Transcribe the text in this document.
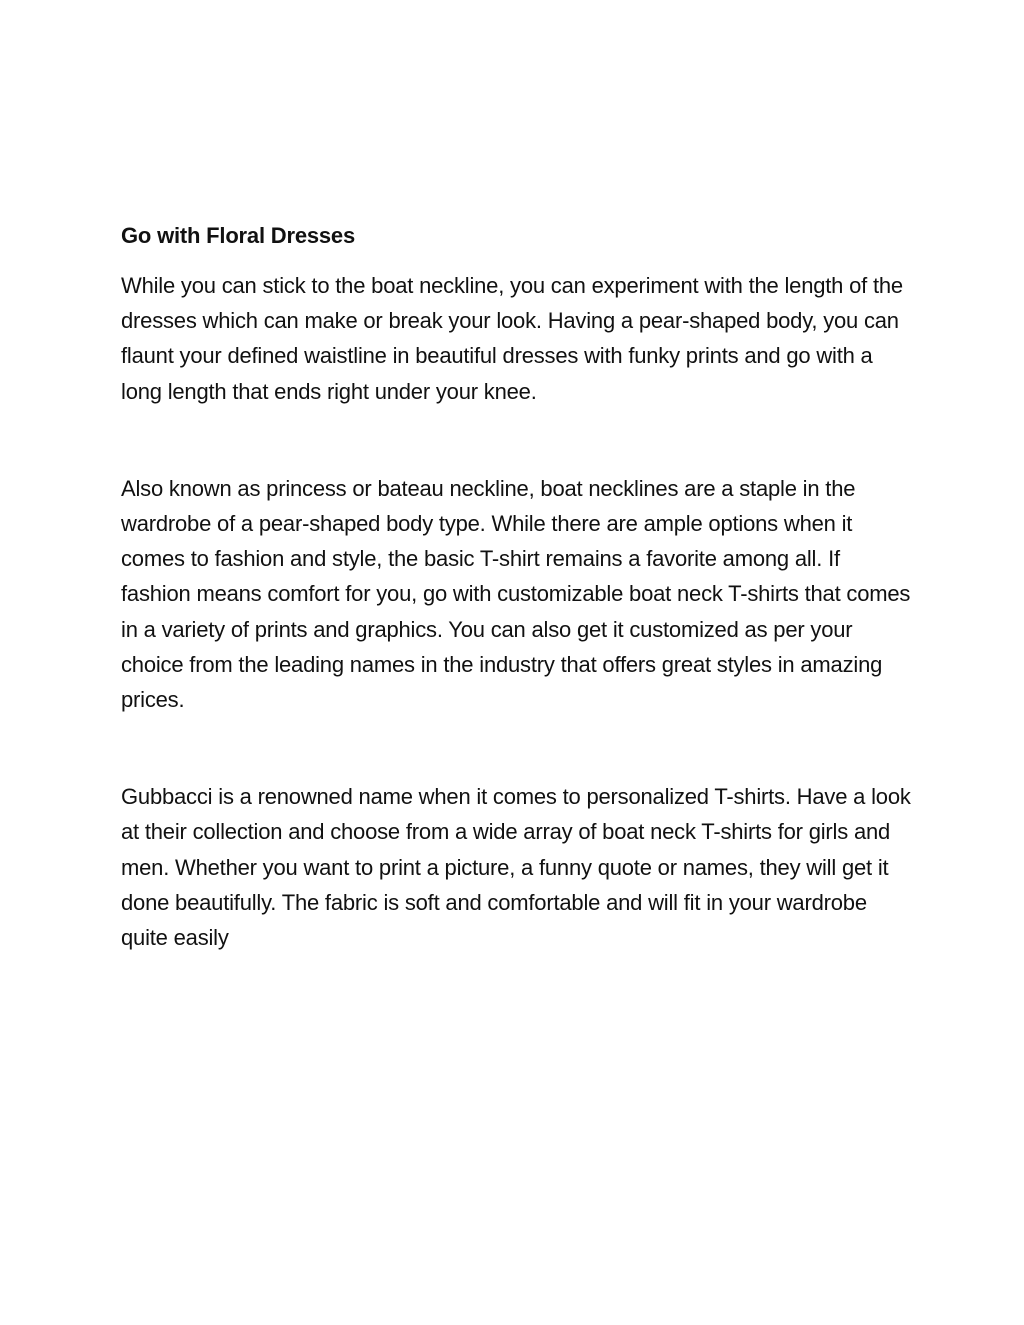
Go with Floral Dresses

While you can stick to the boat neckline, you can experiment with the length of the dresses which can make or break your look. Having a pear-shaped body, you can flaunt your defined waistline in beautiful dresses with funky prints and go with a long length that ends right under your knee.

Also known as princess or bateau neckline, boat necklines are a staple in the wardrobe of a pear-shaped body type. While there are ample options when it comes to fashion and style, the basic T-shirt remains a favorite among all. If fashion means comfort for you, go with customizable boat neck T-shirts that comes in a variety of prints and graphics. You can also get it customized as per your choice from the leading names in the industry that offers great styles in amazing prices.

Gubbacci is a renowned name when it comes to personalized T-shirts. Have a look at their collection and choose from a wide array of boat neck T-shirts for girls and men. Whether you want to print a picture, a funny quote or names, they will get it done beautifully. The fabric is soft and comfortable and will fit in your wardrobe quite easily
